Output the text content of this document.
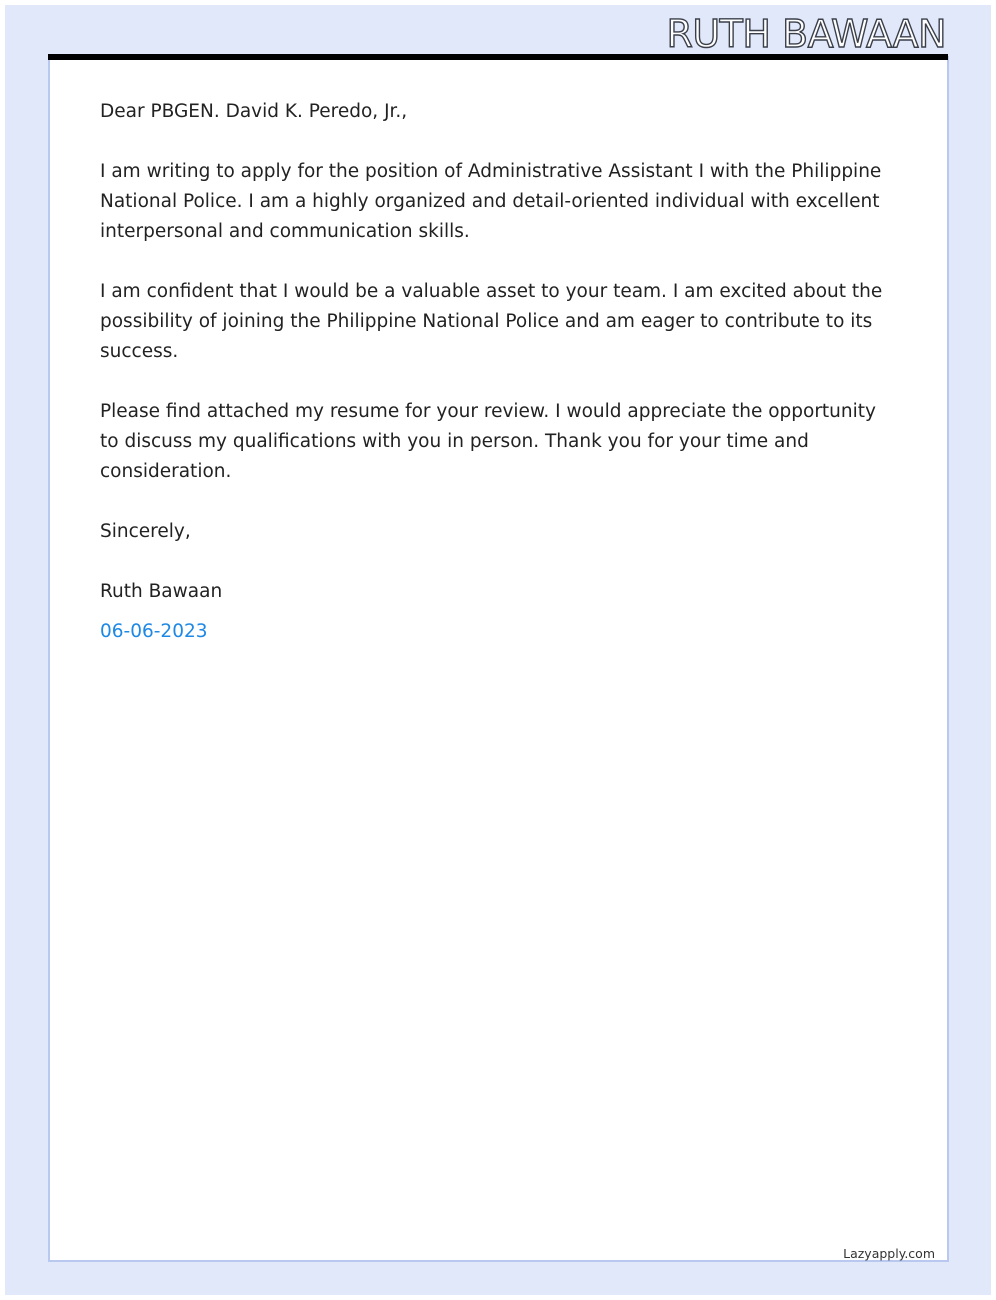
RUTH BAWAAN

Dear PBGEN. David K. Peredo, Jr.,

I am writing to apply for the position of Administrative Assistant I with the Philippine National Police. I am a highly organized and detail-oriented individual with excellent interpersonal and communication skills.

I am confident that I would be a valuable asset to your team. I am excited about the possibility of joining the Philippine National Police and am eager to contribute to its success.

Please find attached my resume for your review. I would appreciate the opportunity to discuss my qualifications with you in person. Thank you for your time and consideration.

Sincerely,

Ruth Bawaan

06-06-2023

Lazyapply.com
